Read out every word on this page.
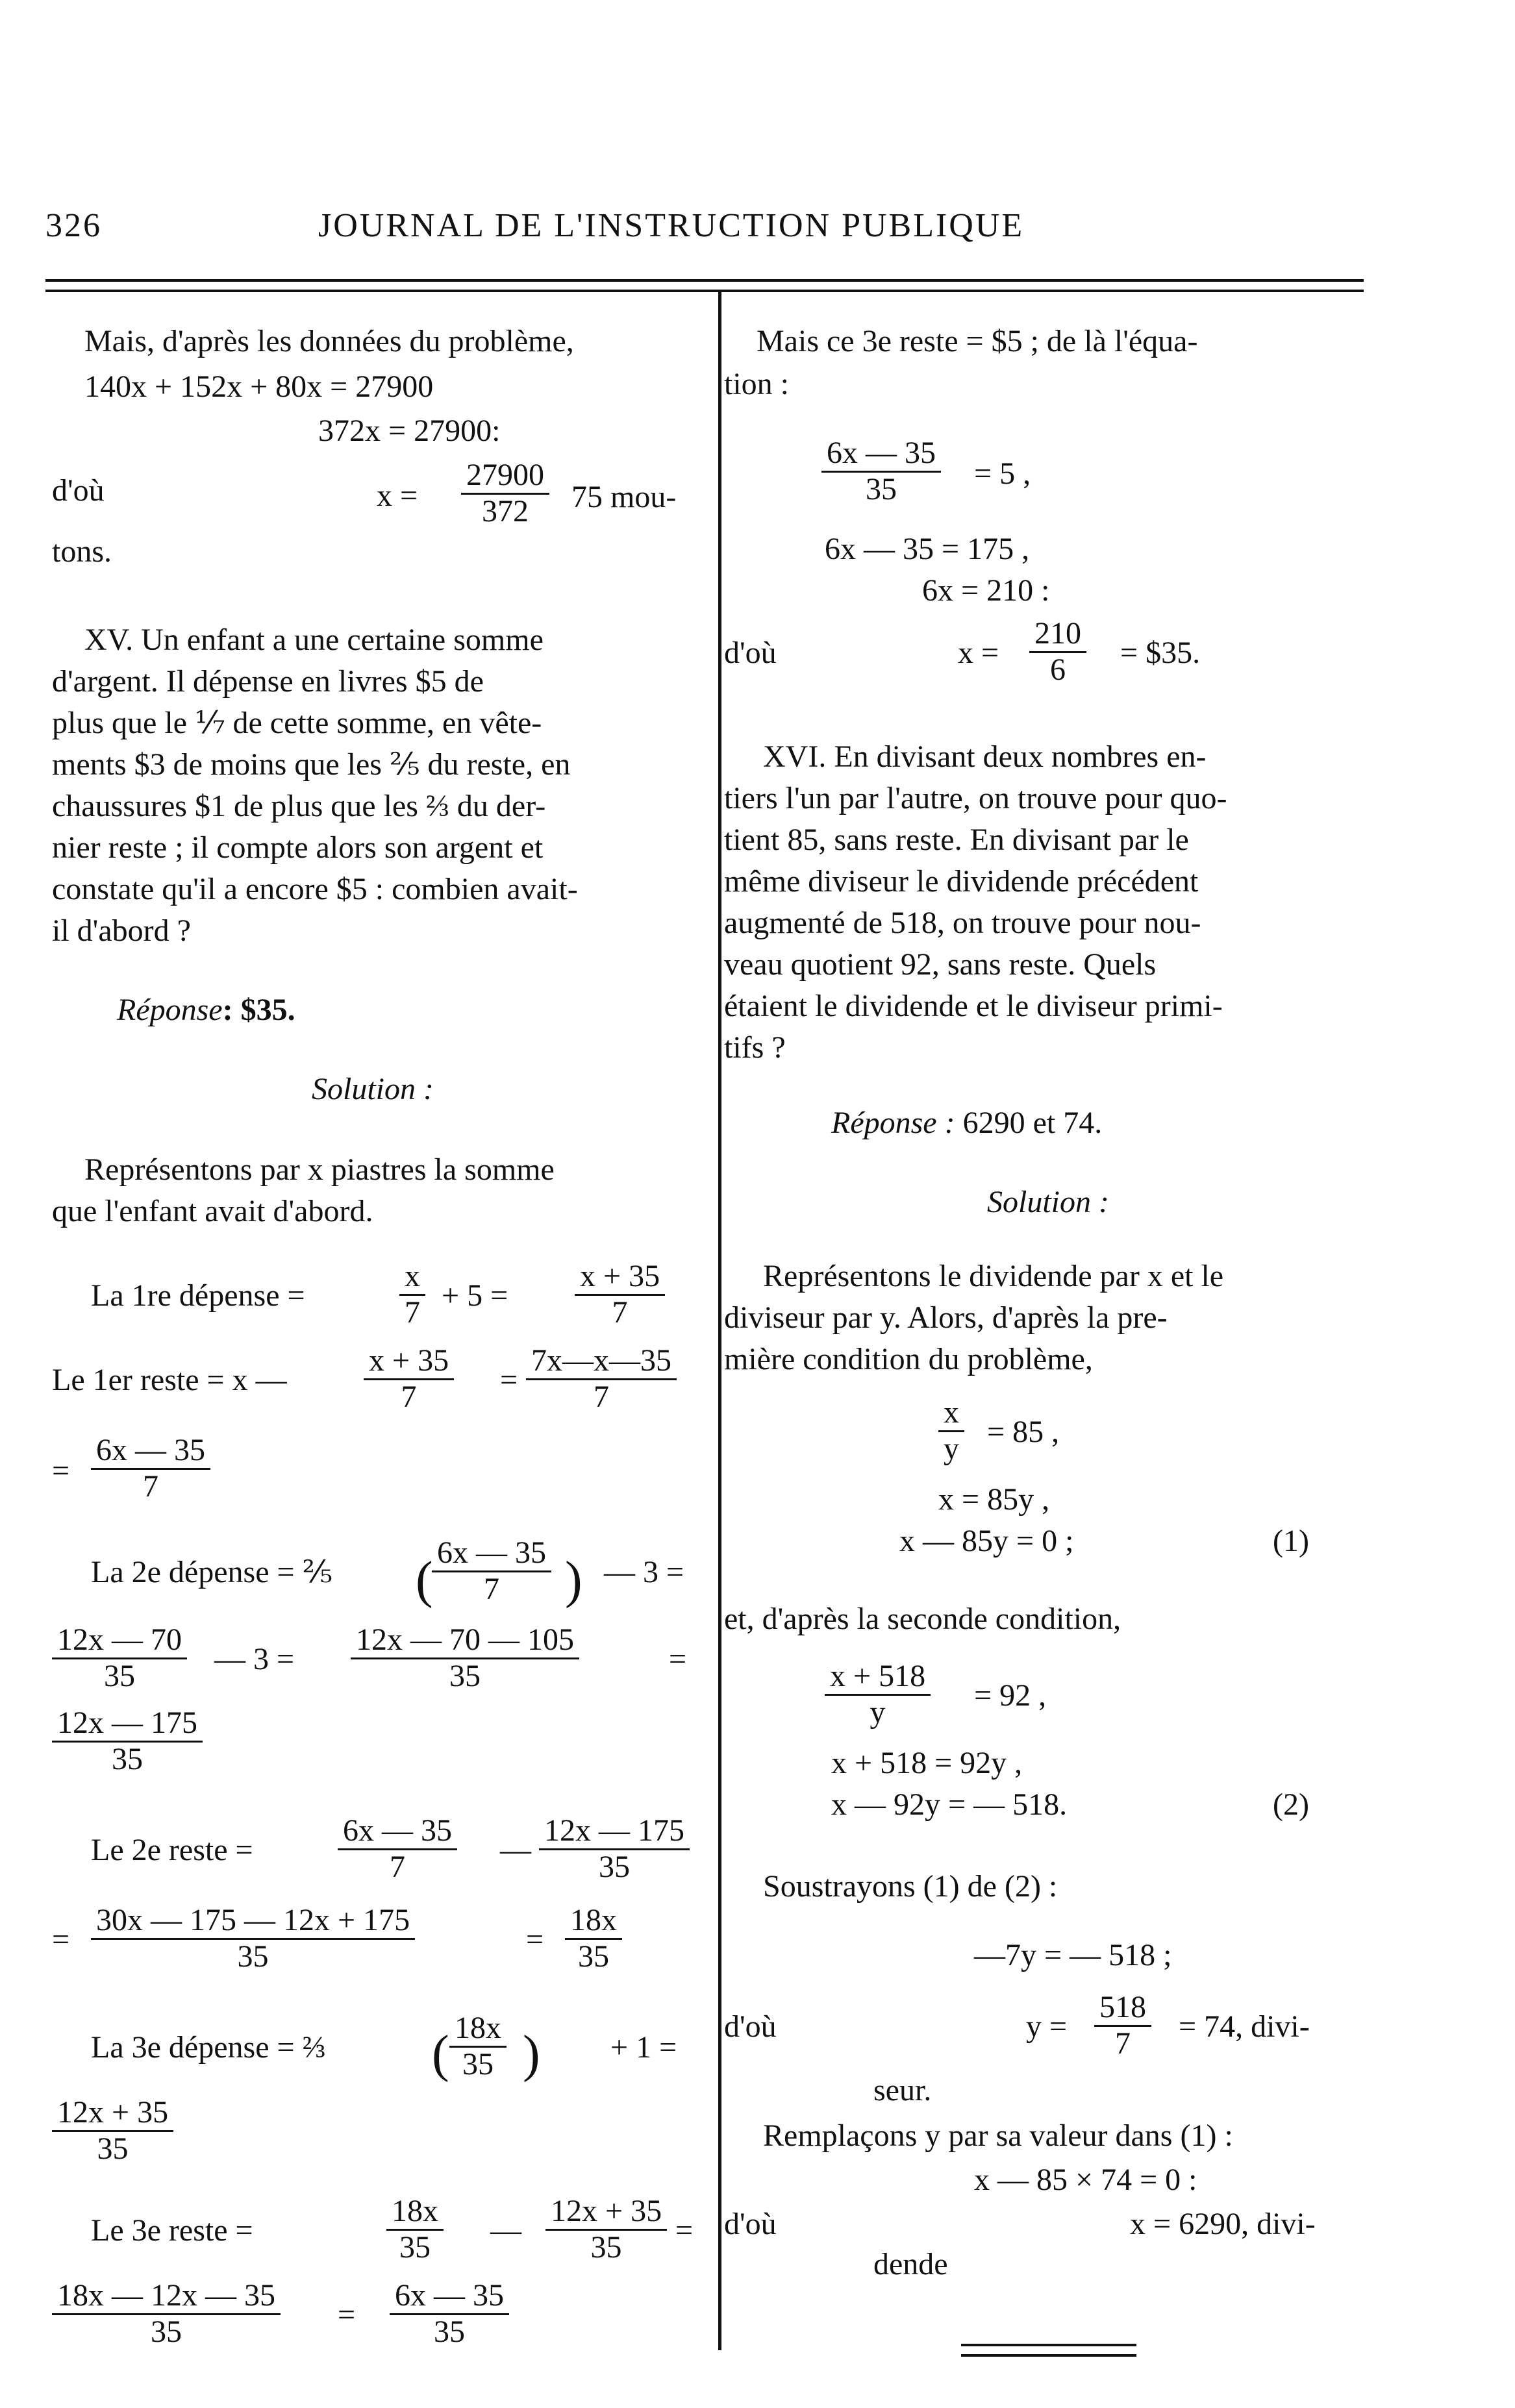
326	JOURNAL DE L'INSTRUCTION PUBLIQUE
Mais, d'après les données du problème,
140x + 152x + 80x = 27900
372x = 27900:
d'où	$x = \frac{27900}{372} 75$ mou-
tons.
XV. Un enfant a une certaine somme
d'argent. Il dépense en livres $5 de
plus que le ⅐ de cette somme, en vête-
ments $3 de moins que les ⅖ du reste, en
chaussures $1 de plus que les ⅔ du der-
nier reste ; il compte alors son argent et
constate qu'il a encore $5 : combien avait-
il d'abord ?
Réponse: $35.
Solution :
Représentons par x piastres la somme
que l'enfant avait d'abord.
La 1re dépense =	$\frac{x}{7} + 5 = \frac{x + 35}{7}$
Le 1er reste = x — $\frac{x + 35}{7} = \frac{7x—x—35}{7}$
= $\frac{6x — 35}{7}$
La 2e dépense = ⅖ (
$\frac{6x — 35}{7}$ ) — 3 =
$\frac{12x — 70}{35}$ — $3 = \frac{12x — 70 — 105}{35}$	=
$\frac{12x — 175}{35}$
Le 2e reste =	$\frac{6x — 35}{7}$ — $\frac{12x — 175}{35}$
= $\frac{30x — 175 — 12x + 175}{35}$	= $\frac{18x}{35}$
La 3e dépense = ⅔ ( $\frac{18x}{35}$ ) + 1 =
$\frac{12x + 35}{35}$
Le 3e reste =	$\frac{18x}{35}$ — $\frac{12x + 35}{35}$ =
$\frac{18x — 12x — 35}{35} = \frac{6x — 35}{35}$
Mais ce 3e reste = $5 ; de là l'équa-
tion :
$\frac{6x — 35}{35} = 5$ ,
6x — 35 = 175 ,
6x = 210 :
d'où	$x = \frac{210}{6}$ = $35.
XVI. En divisant deux nombres en-
tiers l'un par l'autre, on trouve pour quo-
tient 85, sans reste. En divisant par le
même diviseur le dividende précédent
augmenté de 518, on trouve pour nou-
veau quotient 92, sans reste. Quels
étaient le dividende et le diviseur primi-
tifs ?
Réponse : 6290 et 74.
Solution :
Représentons le dividende par x et le
diviseur par y. Alors, d'après la pre-
mière condition du problème,
$\frac{x}{y} = 85$ ,
x = 85y ,
x — 85y = 0 ;	(1)
et, d'après la seconde condition,
$\frac{x + 518}{y} = 92$ ,
x + 518 = 92y ,
x — 92y = — 518.	(2)
Soustrayons (1) de (2) :
—7y = — 518 ;
d'où	$y = \frac{518}{7} = 74$, divi-
seur.
Remplaçons y par sa valeur dans (1) :
x — 85 × 74 = 0 :
d'où	x = 6290, divi-
dende
